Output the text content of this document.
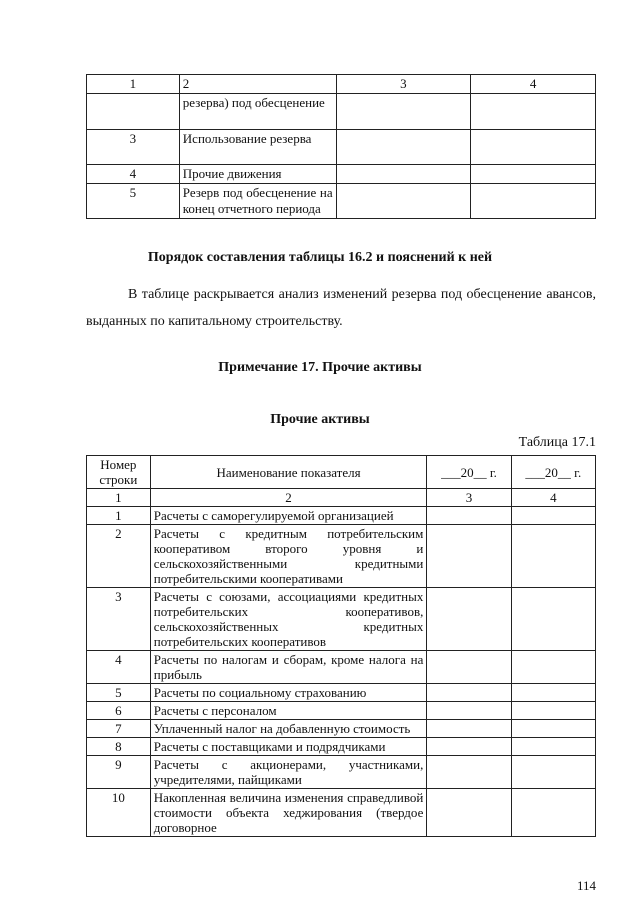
1	2	3	4
	резерва) под обесценение		
3	Использование резерва		
4	Прочие движения		
5	Резерв под обесценение на конец отчетного периода		
Порядок составления таблицы 16.2 и пояснений к ней
В таблице раскрывается анализ изменений резерва под обесценение авансов, выданных по капитальному строительству.
Примечание 17. Прочие активы
Прочие активы
Таблица 17.1
Номер строки	Наименование показателя	___20__ г.	___20__ г.
1	2	3	4
1	Расчеты с саморегулируемой организацией		
2	Расчеты с кредитным потребительским кооперативом второго уровня и сельскохозяйственными кредитными потребительскими кооперативами		
3	Расчеты с союзами, ассоциациями кредитных потребительских кооперативов, сельскохозяйственных кредитных потребительских кооперативов		
4	Расчеты по налогам и сборам, кроме налога на прибыль		
5	Расчеты по социальному страхованию		
6	Расчеты с персоналом		
7	Уплаченный налог на добавленную стоимость		
8	Расчеты с поставщиками и подрядчиками		
9	Расчеты с акционерами, участниками, учредителями, пайщиками		
10	Накопленная величина изменения справедливой стоимости объекта хеджирования (твердое договорное		
114
